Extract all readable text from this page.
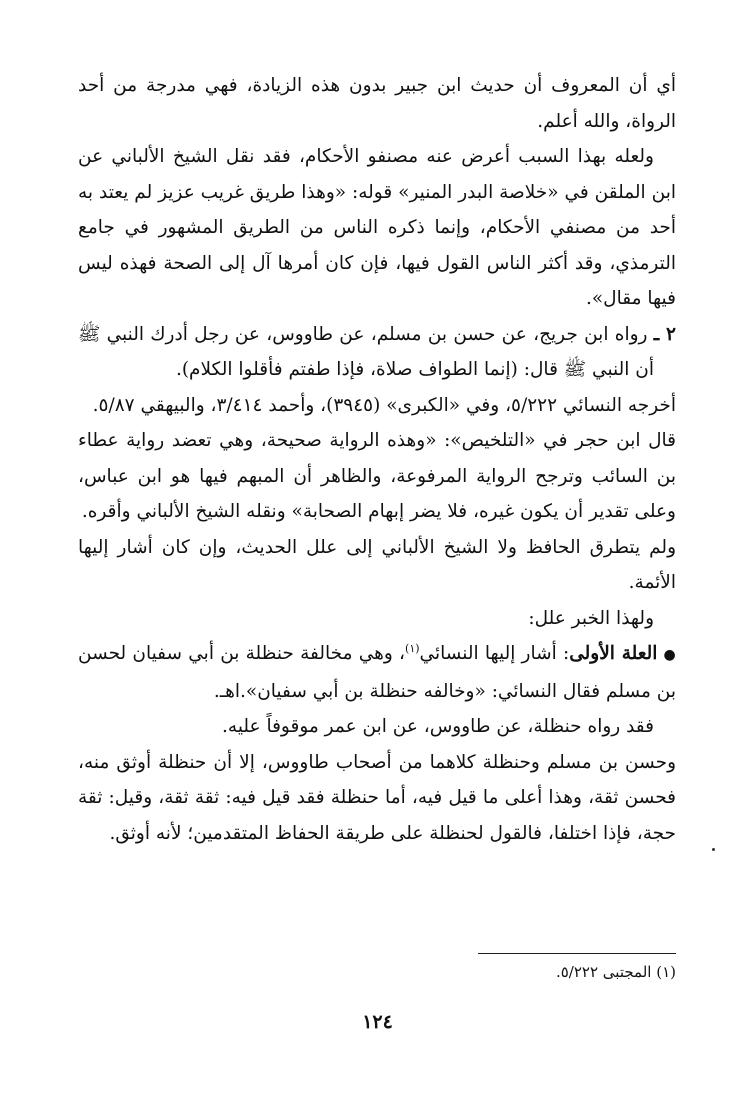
أي أن المعروف أن حديث ابن جبير بدون هذه الزيادة، فهي مدرجة من أحد الرواة، والله أعلم.

ولعله بهذا السبب أعرض عنه مصنفو الأحكام، فقد نقل الشيخ الألباني عن ابن الملقن في «خلاصة البدر المنير» قوله: «وهذا طريق غريب عزيز لم يعتد به أحد من مصنفي الأحكام، وإنما ذكره الناس من الطريق المشهور في جامع الترمذي، وقد أكثر الناس القول فيها، فإن كان أمرها آل إلى الصحة فهذه ليس فيها مقال».

٢ ـ رواه ابن جريج، عن حسن بن مسلم، عن طاووس، عن رجل أدرك النبي ﷺ أن النبي ﷺ قال: (إنما الطواف صلاة، فإذا طفتم فأقلوا الكلام).

أخرجه النسائي ٥/٢٢٢، وفي «الكبرى» (٣٩٤٥)، وأحمد ٣/٤١٤، والبيهقي ٥/٨٧.

قال ابن حجر في «التلخيص»: «وهذه الرواية صحيحة، وهي تعضد رواية عطاء بن السائب وترجح الرواية المرفوعة، والظاهر أن المبهم فيها هو ابن عباس، وعلى تقدير أن يكون غيره، فلا يضر إبهام الصحابة» ونقله الشيخ الألباني وأقره.

ولم يتطرق الحافظ ولا الشيخ الألباني إلى علل الحديث، وإن كان أشار إليها الأئمة.

ولهذا الخبر علل:

●العلة الأولى: أشار إليها النسائي$^{(١)}$، وهي مخالفة حنظلة بن أبي سفيان لحسن بن مسلم فقال النسائي: «وخالفه حنظلة بن أبي سفيان».اهـ.

فقد رواه حنظلة، عن طاووس، عن ابن عمر موقوفاً عليه.

وحسن بن مسلم وحنظلة كلاهما من أصحاب طاووس، إلا أن حنظلة أوثق منه، فحسن ثقة، وهذا أعلى ما قيل فيه، أما حنظلة فقد قيل فيه: ثقة ثقة، وقيل: ثقة حجة، فإذا اختلفا، فالقول لحنظلة على طريقة الحفاظ المتقدمين؛ لأنه أوثق.

(١) المجتبى ٥/٢٢٢.
١٢٤
